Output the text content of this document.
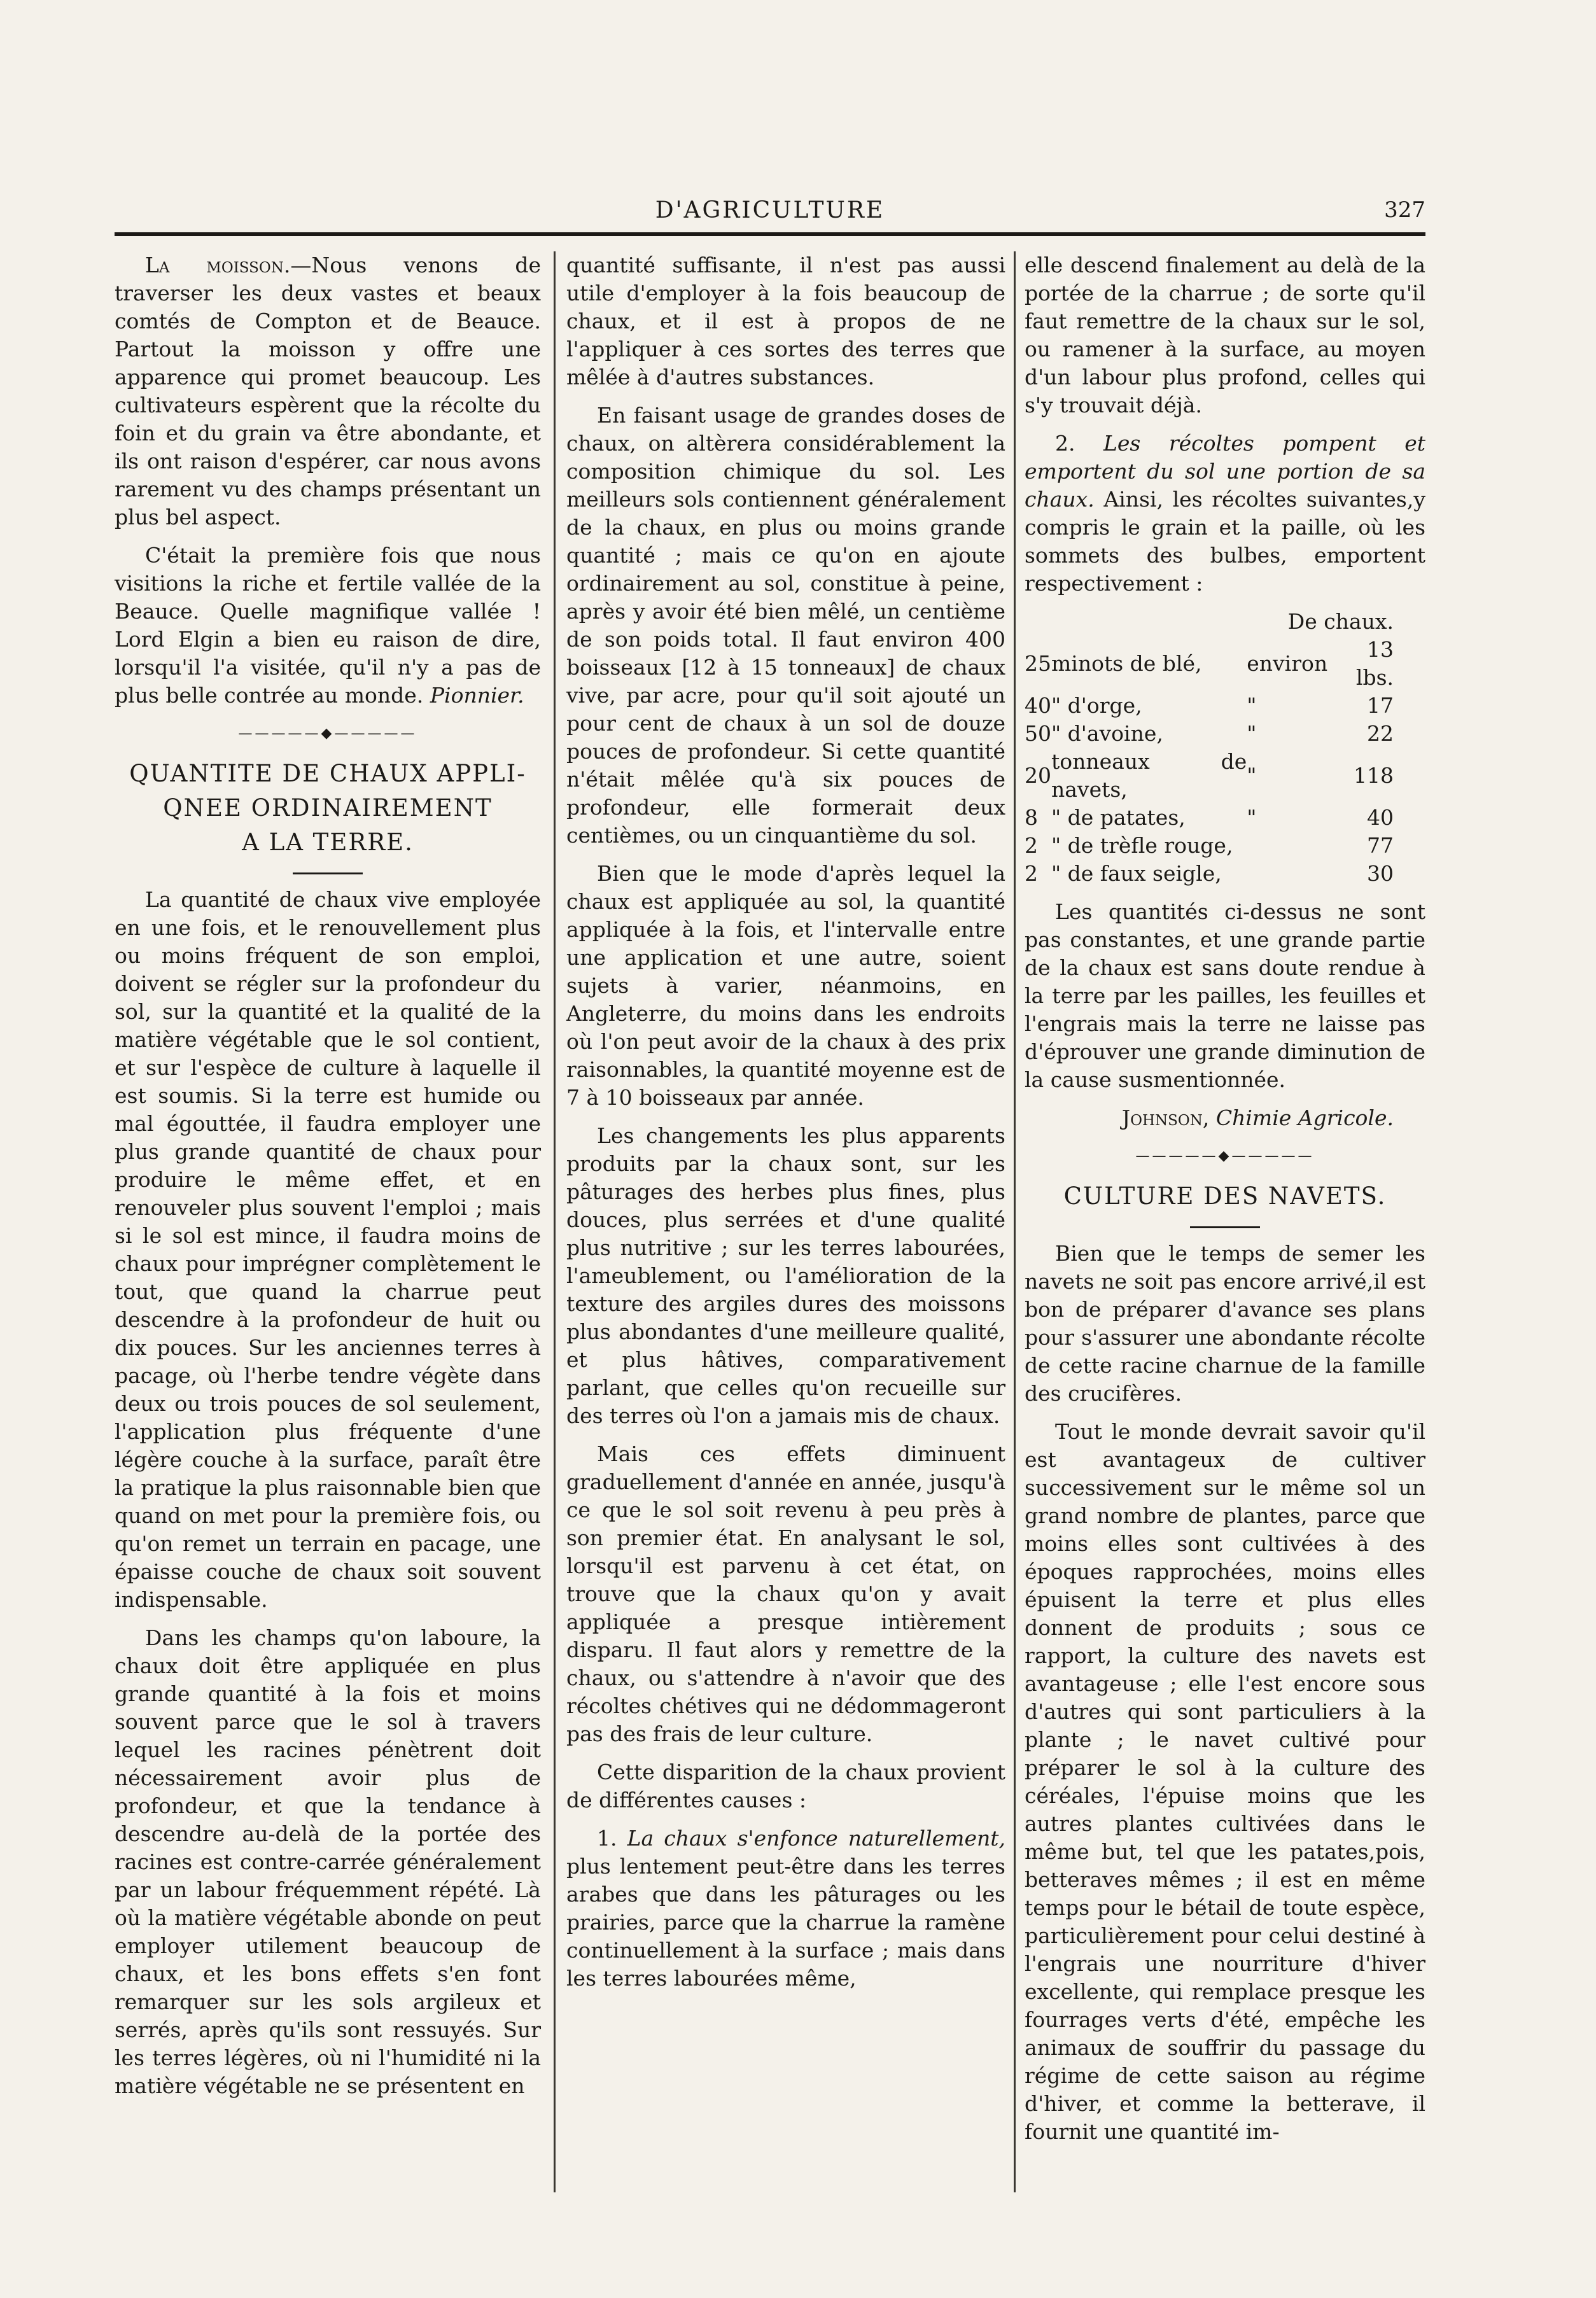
D'AGRICULTURE	327

La moisson.—Nous venons de traverser les deux vastes et beaux comtés de Compton et de Beauce. Partout la moisson y offre une apparence qui promet beaucoup. Les cultivateurs espèrent que la récolte du foin et du grain va être abondante, et ils ont raison d'espérer, car nous avons rarement vu des champs présentant un plus bel aspect.

C'était la première fois que nous visitions la riche et fertile vallée de la Beauce. Quelle magnifique vallée ! Lord Elgin a bien eu raison de dire, lorsqu'il l'a visitée, qu'il n'y a pas de plus belle contrée au monde. Pionnier.

—————◆—————
QUANTITE DE CHAUX APPLI-
QNEE ORDINAIREMENT
A LA TERRE.

La quantité de chaux vive employée en une fois, et le renouvellement plus ou moins fréquent de son emploi, doivent se régler sur la profondeur du sol, sur la quantité et la qualité de la matière végétable que le sol contient, et sur l'espèce de culture à laquelle il est soumis. Si la terre est humide ou mal égouttée, il faudra employer une plus grande quantité de chaux pour produire le même effet, et en renouveler plus souvent l'emploi ; mais si le sol est mince, il faudra moins de chaux pour imprégner complètement le tout, que quand la charrue peut descendre à la profondeur de huit ou dix pouces. Sur les anciennes terres à pacage, où l'herbe tendre végète dans deux ou trois pouces de sol seulement, l'application plus fréquente d'une légère couche à la surface, paraît être la pratique la plus raisonnable bien que quand on met pour la première fois, ou qu'on remet un terrain en pacage, une épaisse couche de chaux soit souvent indispensable.

Dans les champs qu'on laboure, la chaux doit être appliquée en plus grande quantité à la fois et moins souvent parce que le sol à travers lequel les racines pénètrent doit nécessairement avoir plus de profondeur, et que la tendance à descendre au-delà de la portée des racines est contre-carrée généralement par un labour fréquemment répété. Là où la matière végétable abonde on peut employer utilement beaucoup de chaux, et les bons effets s'en font remarquer sur les sols argileux et serrés, après qu'ils sont ressuyés. Sur les terres légères, où ni l'humidité ni la matière végétable ne se présentent en

quantité suffisante, il n'est pas aussi utile d'employer à la fois beaucoup de chaux, et il est à propos de ne l'appliquer à ces sortes des terres que mêlée à d'autres substances.

En faisant usage de grandes doses de chaux, on altèrera considérablement la composition chimique du sol. Les meilleurs sols contiennent généralement de la chaux, en plus ou moins grande quantité ; mais ce qu'on en ajoute ordinairement au sol, constitue à peine, après y avoir été bien mêlé, un centième de son poids total. Il faut environ 400 boisseaux [12 à 15 tonneaux] de chaux vive, par acre, pour qu'il soit ajouté un pour cent de chaux à un sol de douze pouces de profondeur. Si cette quantité n'était mêlée qu'à six pouces de profondeur, elle formerait deux centièmes, ou un cinquantième du sol.

Bien que le mode d'après lequel la chaux est appliquée au sol, la quantité appliquée à la fois, et l'intervalle entre une application et une autre, soient sujets à varier, néanmoins, en Angleterre, du moins dans les endroits où l'on peut avoir de la chaux à des prix raisonnables, la quantité moyenne est de 7 à 10 boisseaux par année.

Les changements les plus apparents produits par la chaux sont, sur les pâturages des herbes plus fines, plus douces, plus serrées et d'une qualité plus nutritive ; sur les terres labourées, l'ameublement, ou l'amélioration de la texture des argiles dures des moissons plus abondantes d'une meilleure qualité, et plus hâtives, comparativement parlant, que celles qu'on recueille sur des terres où l'on a jamais mis de chaux.

Mais ces effets diminuent graduellement d'année en année, jusqu'à ce que le sol soit revenu à peu près à son premier état. En analysant le sol, lorsqu'il est parvenu à cet état, on trouve que la chaux qu'on y avait appliquée a presque intièrement disparu. Il faut alors y remettre de la chaux, ou s'attendre à n'avoir que des récoltes chétives qui ne dédommageront pas des frais de leur culture.

Cette disparition de la chaux provient de différentes causes :

1. La chaux s'enfonce naturellement, plus lentement peut-être dans les terres arabes que dans les pâturages ou les prairies, parce que la charrue la ramène continuellement à la surface ; mais dans les terres labourées même,

elle descend finalement au delà de la portée de la charrue ; de sorte qu'il faut remettre de la chaux sur le sol, ou ramener à la surface, au moyen d'un labour plus profond, celles qui s'y trouvait déjà.

2. Les récoltes pompent et emportent du sol une portion de sa chaux. Ainsi, les récoltes suivantes,y compris le grain et la paille, où les sommets des bulbes, emportent respectivement :

De chaux.
25	minots de blé,	environ	13 lbs.
40	" d'orge,	"	17
50	" d'avoine,	"	22
20	tonneaux de navets,	"	118
8	" de patates,	"	40
2	" de trèfle rouge,		77
2	" de faux seigle,		30

Les quantités ci-dessus ne sont pas constantes, et une grande partie de la chaux est sans doute rendue à la terre par les pailles, les feuilles et l'engrais mais la terre ne laisse pas d'éprouver une grande diminution de la cause susmentionnée.

Johnson, Chimie Agricole.

—————◆—————
CULTURE DES NAVETS.

Bien que le temps de semer les navets ne soit pas encore arrivé,il est bon de préparer d'avance ses plans pour s'assurer une abondante récolte de cette racine charnue de la famille des crucifères.

Tout le monde devrait savoir qu'il est avantageux de cultiver successivement sur le même sol un grand nombre de plantes, parce que moins elles sont cultivées à des époques rapprochées, moins elles épuisent la terre et plus elles donnent de produits ; sous ce rapport, la culture des navets est avantageuse ; elle l'est encore sous d'autres qui sont particuliers à la plante ; le navet cultivé pour préparer le sol à la culture des céréales, l'épuise moins que les autres plantes cultivées dans le même but, tel que les patates,pois, betteraves mêmes ; il est en même temps pour le bétail de toute espèce, particulièrement pour celui destiné à l'engrais une nourriture d'hiver excellente, qui remplace presque les fourrages verts d'été, empêche les animaux de souffrir du passage du régime de cette saison au régime d'hiver, et comme la betterave, il fournit une quantité im-
